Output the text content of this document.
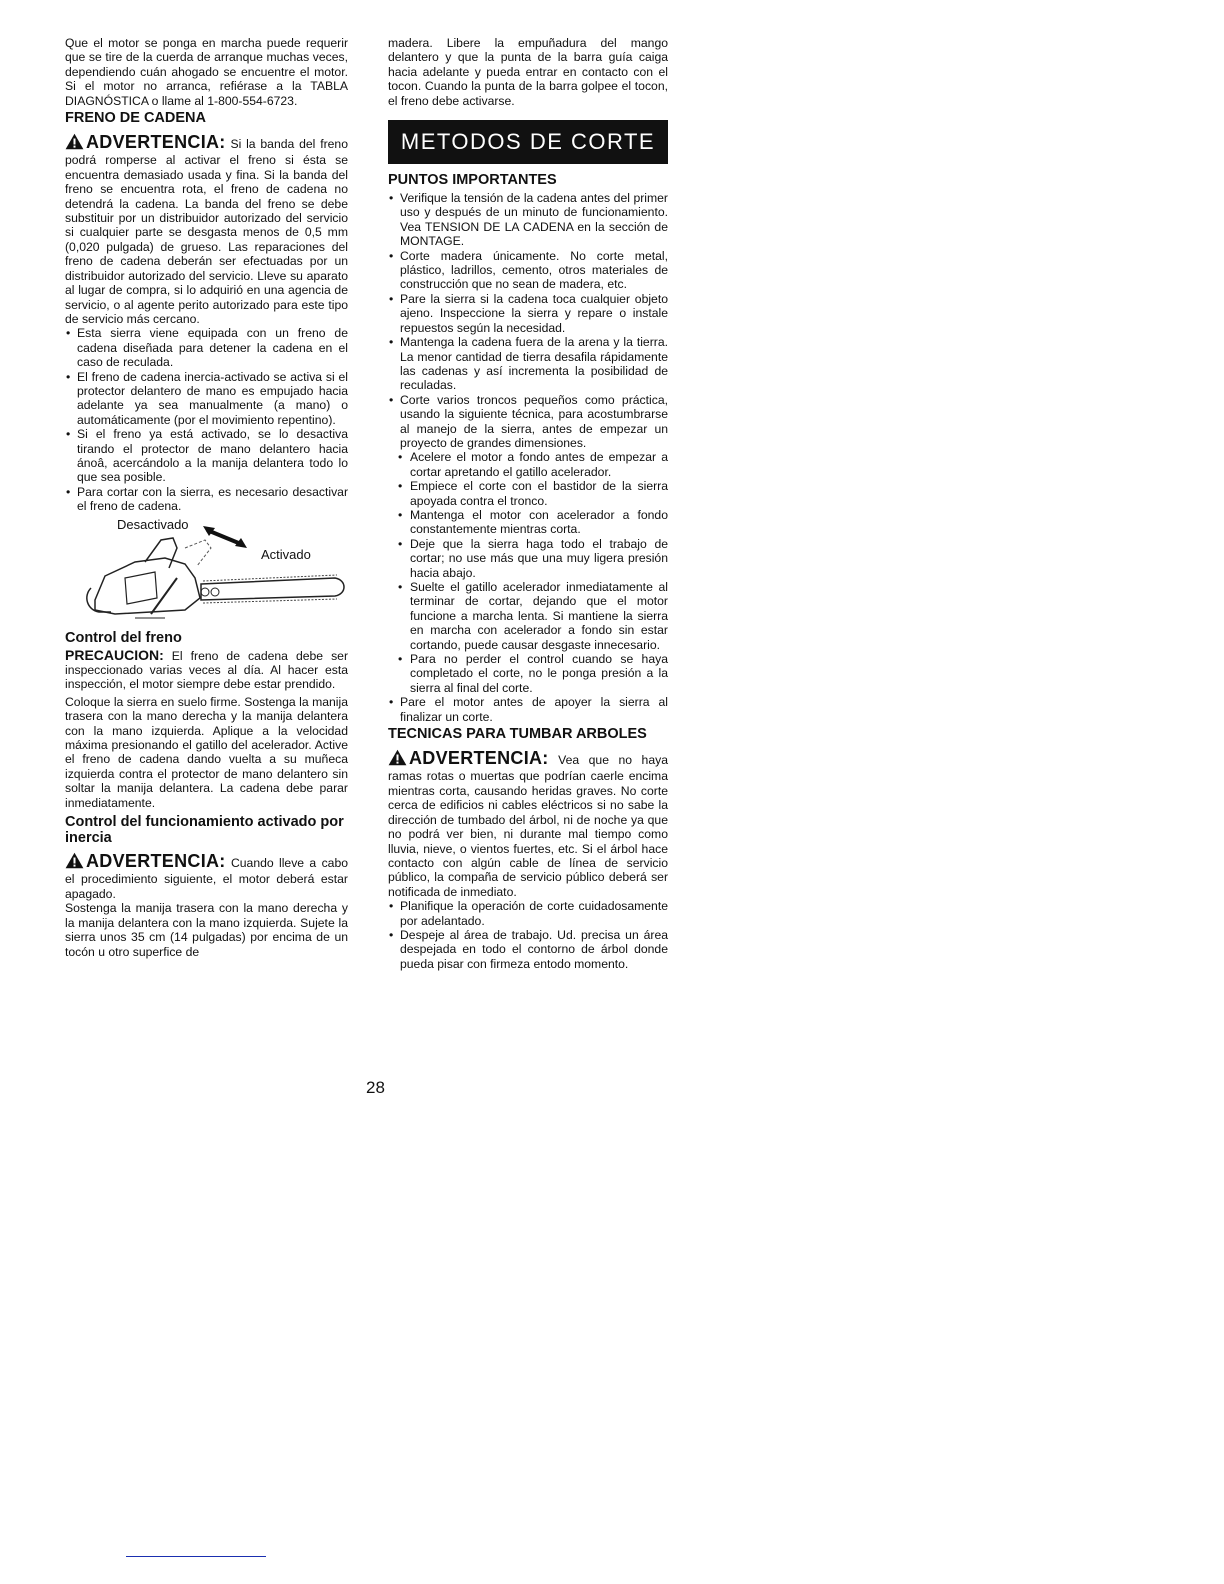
Que el motor se ponga en marcha puede requerir que se tire de la cuerda de arranque muchas veces, dependiendo cuán ahogado se encuentre el motor. Si el motor no arranca, refiérase a la TABLA DIAGNÓSTICA o llame al 1-800-554-6723.

FRENO DE CADENA

ADVERTENCIA: Si la banda del freno podrá romperse al activar el freno si ésta se encuentra demasiado usada y fina. Si la banda del freno se encuentra rota, el freno de cadena no detendrá la cadena. La banda del freno se debe substituir por un distribuidor autorizado del servicio si cualquier parte se desgasta menos de 0,5 mm (0,020 pulgada) de grueso. Las reparaciones del freno de cadena deberán ser efectuadas por un distribuidor autorizado del servicio. Lleve su aparato al lugar de compra, si lo adquirió en una agencia de servicio, o al agente perito autorizado para este tipo de servicio más cercano.

• Esta sierra viene equipada con un freno de cadena diseñada para detener la cadena en el caso de reculada.
• El freno de cadena inercia-activado se activa si el protector delantero de mano es empujado hacia adelante ya sea manualmente (a mano) o automáticamente (por el movimiento repentino).
• Si el freno ya está activado, se lo desactiva tirando el protector de mano delantero hacia ánoâ, acercándolo a la manija delantera todo lo que sea posible.
• Para cortar con la sierra, es necesario desactivar el freno de cadena.
Desactivado
Activado
Control del freno

PRECAUCION: El freno de cadena debe ser inspeccionado varias veces al día. Al hacer esta inspección, el motor siempre debe estar prendido.

Coloque la sierra en suelo firme. Sostenga la manija trasera con la mano derecha y la manija delantera con la mano izquierda. Aplique a la velocidad máxima presionando el gatillo del acelerador. Active el freno de cadena dando vuelta a su muñeca izquierda contra el protector de mano delantero sin soltar la manija delantera. La cadena debe parar inmediatamente.

Control del funcionamiento activado por inercia

ADVERTENCIA: Cuando lleve a cabo el procedimiento siguiente, el motor deberá estar apagado.

Sostenga la manija trasera con la mano derecha y la manija delantera con la mano izquierda. Sujete la sierra unos 35 cm (14 pulgadas) por encima de un tocón u otro superfice de

madera. Libere la empuñadura del mango delantero y que la punta de la barra guía caiga hacia adelante y pueda entrar en contacto con el tocon. Cuando la punta de la barra golpee el tocon, el freno debe activarse.

METODOS DE CORTE
PUNTOS IMPORTANTES
• Verifique la tensión de la cadena antes del primer uso y después de un minuto de funcionamiento. Vea TENSION DE LA CADENA en la sección de MONTAGE.
• Corte madera únicamente. No corte metal, plástico, ladrillos, cemento, otros materiales de construcción que no sean de madera, etc.
• Pare la sierra si la cadena toca cualquier objeto ajeno. Inspeccione la sierra y repare o instale repuestos según la necesidad.
• Mantenga la cadena fuera de la arena y la tierra. La menor cantidad de tierra desafila rápidamente las cadenas y así incrementa la posibilidad de reculadas.
• Corte varios troncos pequeños como práctica, usando la siguiente técnica, para acostumbrarse al manejo de la sierra, antes de empezar un proyecto de grandes dimensiones.
• Acelere el motor a fondo antes de empezar a cortar apretando el gatillo acelerador.
• Empiece el corte con el bastidor de la sierra apoyada contra el tronco.
• Mantenga el motor con acelerador a fondo constantemente mientras corta.
• Deje que la sierra haga todo el trabajo de cortar; no use más que una muy ligera presión hacia abajo.
• Suelte el gatillo acelerador inmediatamente al terminar de cortar, dejando que el motor funcione a marcha lenta. Si mantiene la sierra en marcha con acelerador a fondo sin estar cortando, puede causar desgaste innecesario.
• Para no perder el control cuando se haya completado el corte, no le ponga presión a la sierra al final del corte.
• Pare el motor antes de apoyer la sierra al finalizar un corte.
TECNICAS PARA TUMBAR ARBOLES

ADVERTENCIA: Vea que no haya ramas rotas o muertas que podrían caerle encima mientras corta, causando heridas graves. No corte cerca de edificios ni cables eléctricos si no sabe la dirección de tumbado del árbol, ni de noche ya que no podrá ver bien, ni durante mal tiempo como lluvia, nieve, o vientos fuertes, etc. Si el árbol hace contacto con algún cable de línea de servicio público, la compaña de servicio público deberá ser notificada de inmediato.

• Planifique la operación de corte cuidadosamente por adelantado.
• Despeje al área de trabajo. Ud. precisa un área despejada en todo el contorno de árbol donde pueda pisar con firmeza entodo momento.
28
